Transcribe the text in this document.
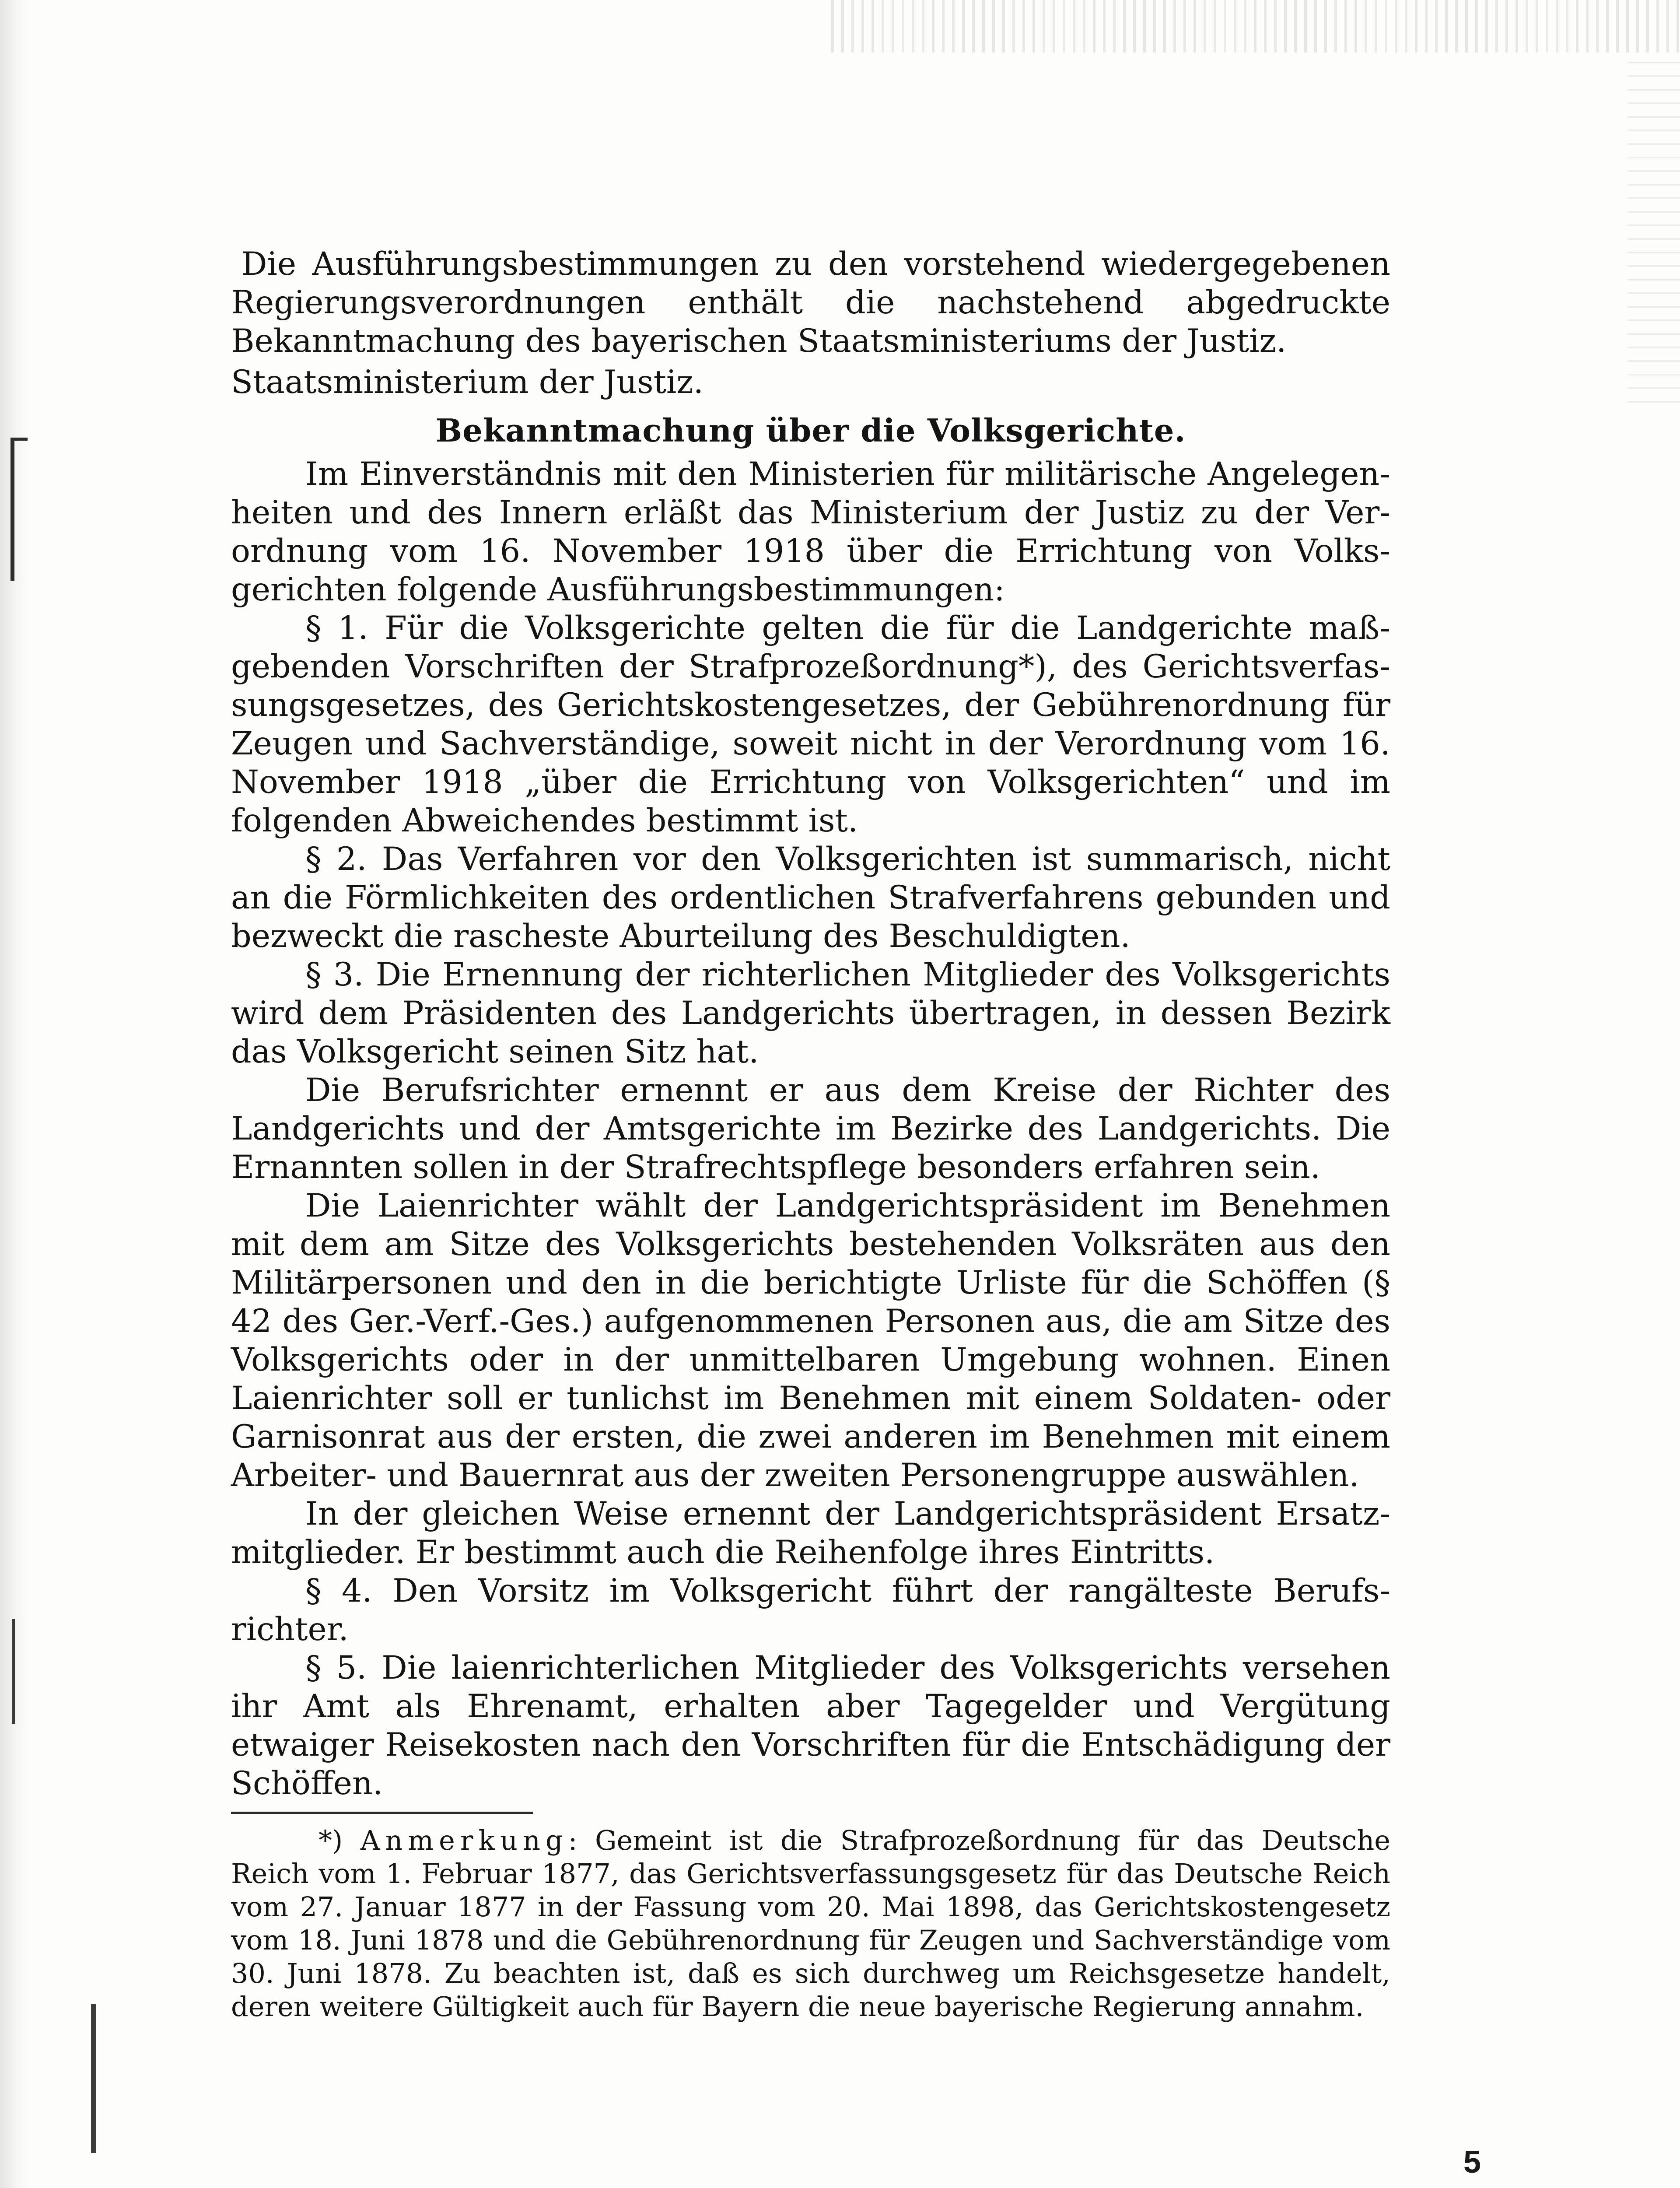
Die Ausführungsbestimmungen zu den vorstehend wiedergegebenen Regierungsverordnungen enthält die nachstehend abgedruckte Bekanntmachung des bayerischen Staatsministeriums der Justiz.

Staatsministerium der Justiz.

Bekanntmachung über die Volksgerichte.

Im Einverständnis mit den Ministerien für militärische Angelegenheiten und des Innern erläßt das Ministerium der Justiz zu der Verordnung vom 16. November 1918 über die Errichtung von Volksgerichten folgende Ausführungsbestimmungen:

§ 1. Für die Volksgerichte gelten die für die Landgerichte maßgebenden Vorschriften der Strafprozeßordnung*), des Gerichtsverfassungsgesetzes, des Gerichtskostengesetzes, der Gebührenordnung für Zeugen und Sachverständige, soweit nicht in der Verordnung vom 16. November 1918 „über die Errichtung von Volksgerichten“ und im folgenden Abweichendes bestimmt ist.

§ 2. Das Verfahren vor den Volksgerichten ist summarisch, nicht an die Förmlichkeiten des ordentlichen Strafverfahrens gebunden und bezweckt die rascheste Aburteilung des Beschuldigten.

§ 3. Die Ernennung der richterlichen Mitglieder des Volksgerichts wird dem Präsidenten des Landgerichts übertragen, in dessen Bezirk das Volksgericht seinen Sitz hat.

Die Berufsrichter ernennt er aus dem Kreise der Richter des Landgerichts und der Amtsgerichte im Bezirke des Landgerichts. Die Ernannten sollen in der Strafrechtspflege besonders erfahren sein.

Die Laienrichter wählt der Landgerichtspräsident im Benehmen mit dem am Sitze des Volksgerichts bestehenden Volksräten aus den Militärpersonen und den in die berichtigte Urliste für die Schöffen (§ 42 des Ger.-Verf.-Ges.) aufgenommenen Personen aus, die am Sitze des Volksgerichts oder in der unmittelbaren Umgebung wohnen. Einen Laienrichter soll er tunlichst im Benehmen mit einem Soldaten- oder Garnisonrat aus der ersten, die zwei anderen im Benehmen mit einem Arbeiter- und Bauernrat aus der zweiten Personengruppe auswählen.

In der gleichen Weise ernennt der Landgerichtspräsident Ersatzmitglieder. Er bestimmt auch die Reihenfolge ihres Eintritts.

§ 4. Den Vorsitz im Volksgericht führt der rangälteste Berufsrichter.

§ 5. Die laienrichterlichen Mitglieder des Volksgerichts versehen ihr Amt als Ehrenamt, erhalten aber Tagegelder und Vergütung etwaiger Reisekosten nach den Vorschriften für die Entschädigung der Schöffen.

*) Anmerkung: Gemeint ist die Strafprozeßordnung für das Deutsche Reich vom 1. Februar 1877, das Gerichtsverfassungsgesetz für das Deutsche Reich vom 27. Januar 1877 in der Fassung vom 20. Mai 1898, das Gerichtskostengesetz vom 18. Juni 1878 und die Gebührenordnung für Zeugen und Sachverständige vom 30. Juni 1878. Zu beachten ist, daß es sich durchweg um Reichsgesetze handelt, deren weitere Gültigkeit auch für Bayern die neue bayerische Regierung annahm.

5
